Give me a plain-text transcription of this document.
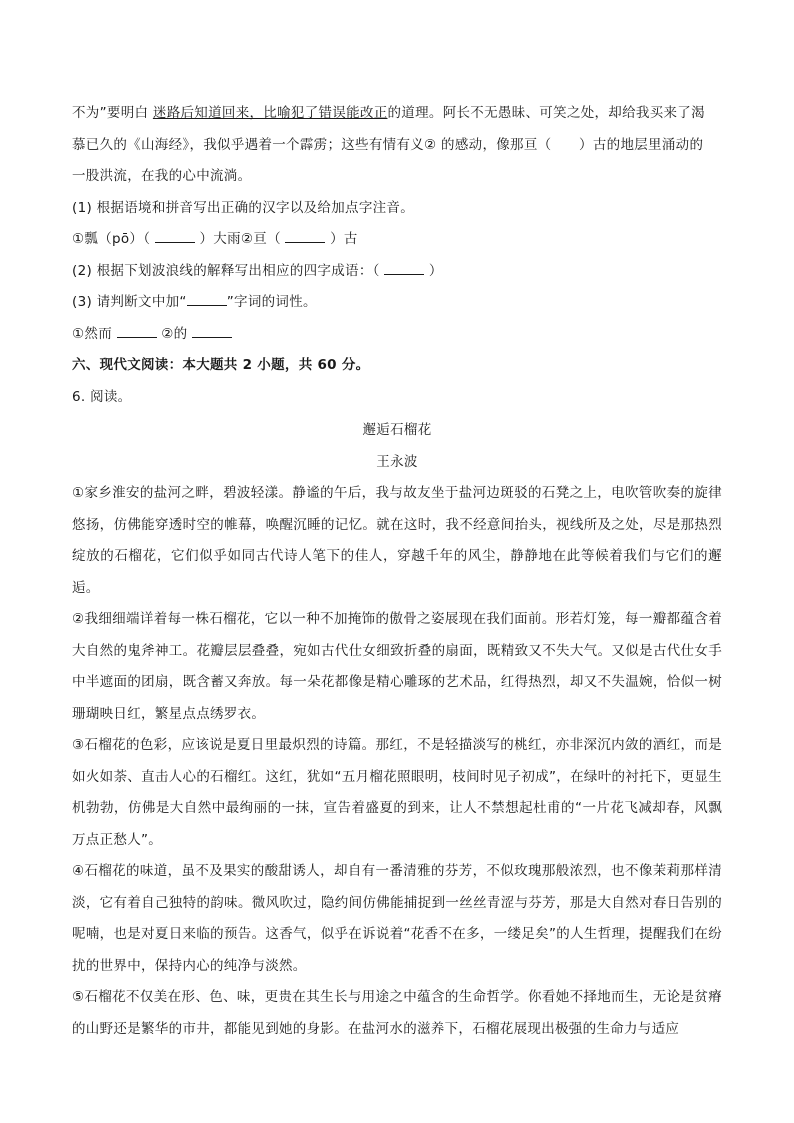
不为”要明白 迷路后知道回来，比喻犯了错误能改正的道理。阿长不无愚昧、可笑之处，却给我买来了渴

慕已久的《山海经》，我似乎遇着一个霹雳；这些有情有义② 的感动，像那亘（　　）古的地层里涌动的

一股洪流，在我的心中流淌。

(1) 根据语境和拼音写出正确的汉字以及给加点字注音。

①瓢（pō）（	）大雨②亘（	）古

(2) 根据下划波浪线的解释写出相应的四字成语：（	）

(3) 请判断文中加“	”字词的词性。

①然而	②的

六、现代文阅读：本大题共 2 小题，共 60 分。

6. 阅读。

邂逅石榴花

王永波

①家乡淮安的盐河之畔，碧波轻漾。静谧的午后，我与故友坐于盐河边斑驳的石凳之上，电吹管吹奏的旋律悠扬，仿佛能穿透时空的帷幕，唤醒沉睡的记忆。就在这时，我不经意间抬头，视线所及之处，尽是那热烈绽放的石榴花，它们似乎如同古代诗人笔下的佳人，穿越千年的风尘，静静地在此等候着我们与它们的邂逅。

②我细细端详着每一株石榴花，它以一种不加掩饰的傲骨之姿展现在我们面前。形若灯笼，每一瓣都蕴含着大自然的鬼斧神工。花瓣层层叠叠，宛如古代仕女细致折叠的扇面，既精致又不失大气。又似是古代仕女手中半遮面的团扇，既含蓄又奔放。每一朵花都像是精心雕琢的艺术品，红得热烈，却又不失温婉，恰似一树珊瑚映日红，繁星点点绣罗衣。

③石榴花的色彩，应该说是夏日里最炽烈的诗篇。那红，不是轻描淡写的桃红，亦非深沉内敛的酒红，而是如火如荼、直击人心的石榴红。这红，犹如“五月榴花照眼明，枝间时见子初成”，在绿叶的衬托下，更显生机勃勃，仿佛是大自然中最绚丽的一抹，宣告着盛夏的到来，让人不禁想起杜甫的“一片花飞减却春，风飘万点正愁人”。

④石榴花的味道，虽不及果实的酸甜诱人，却自有一番清雅的芬芳，不似玫瑰那般浓烈，也不像茉莉那样清淡，它有着自己独特的韵味。微风吹过，隐约间仿佛能捕捉到一丝丝青涩与芬芳，那是大自然对春日告别的呢喃，也是对夏日来临的预告。这香气，似乎在诉说着“花香不在多，一缕足矣”的人生哲理，提醒我们在纷扰的世界中，保持内心的纯净与淡然。

⑤石榴花不仅美在形、色、味，更贵在其生长与用途之中蕴含的生命哲学。你看她不择地而生，无论是贫瘠的山野还是繁华的市井，都能见到她的身影。在盐河水的滋养下，石榴花展现出极强的生命力与适应
